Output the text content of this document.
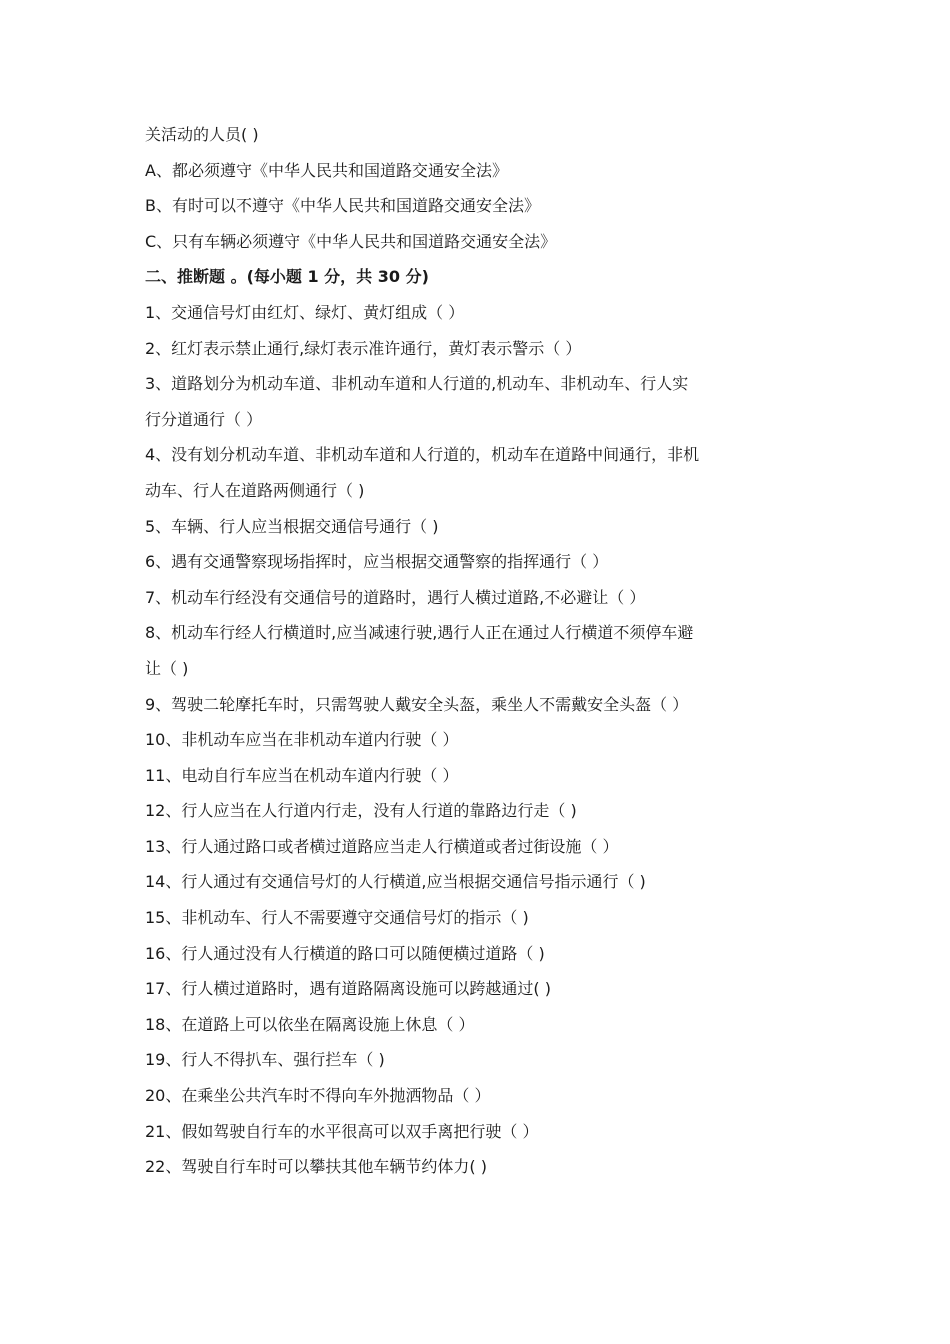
关活动的人员( )
A、都必须遵守《中华人民共和国道路交通安全法》
B、有时可以不遵守《中华人民共和国道路交通安全法》
C、只有车辆必须遵守《中华人民共和国道路交通安全法》
二、推断题 。(每小题 1 分，共 30 分)
1、交通信号灯由红灯、绿灯、黄灯组成（ ）
2、红灯表示禁止通行,绿灯表示准许通行，黄灯表示警示（ ）
3、道路划分为机动车道、非机动车道和人行道的,机动车、非机动车、行人实
行分道通行（ ）
4、没有划分机动车道、非机动车道和人行道的，机动车在道路中间通行，非机
动车、行人在道路两侧通行（ )
5、车辆、行人应当根据交通信号通行（ )
6、遇有交通警察现场指挥时，应当根据交通警察的指挥通行（ ）
7、机动车行经没有交通信号的道路时，遇行人横过道路,不必避让（ ）
8、机动车行经人行横道时,应当减速行驶,遇行人正在通过人行横道不须停车避
让（ )
9、驾驶二轮摩托车时，只需驾驶人戴安全头盔，乘坐人不需戴安全头盔（ ）
10、非机动车应当在非机动车道内行驶（ ）
11、电动自行车应当在机动车道内行驶（ ）
12、行人应当在人行道内行走，没有人行道的靠路边行走（ )
13、行人通过路口或者横过道路应当走人行横道或者过街设施（ ）
14、行人通过有交通信号灯的人行横道,应当根据交通信号指示通行（ )
15、非机动车、行人不需要遵守交通信号灯的指示（ )
16、行人通过没有人行横道的路口可以随便横过道路（ )
17、行人横过道路时，遇有道路隔离设施可以跨越通过( )
18、在道路上可以依坐在隔离设施上休息（ ）
19、行人不得扒车、强行拦车（ )
20、在乘坐公共汽车时不得向车外抛洒物品（ ）
21、假如驾驶自行车的水平很高可以双手离把行驶（ ）
22、驾驶自行车时可以攀扶其他车辆节约体力( )
